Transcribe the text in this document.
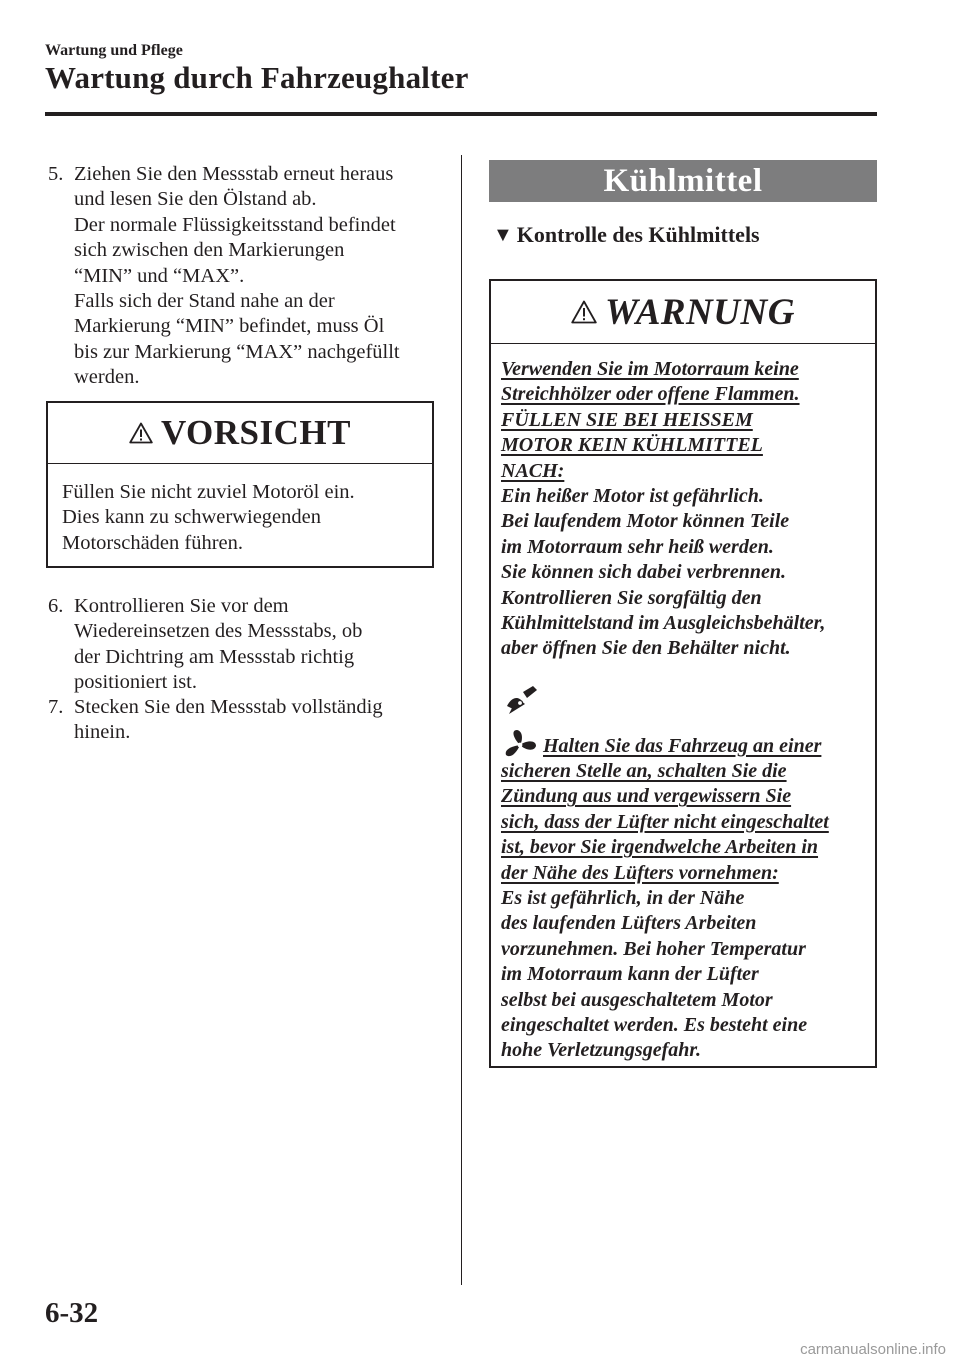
Wartung und Pflege
Wartung durch Fahrzeughalter
5. Ziehen Sie den Messstab erneut heraus
und lesen Sie den Ölstand ab.
Der normale Flüssigkeitsstand befindet
sich zwischen den Markierungen
“MIN” und “MAX”.
Falls sich der Stand nahe an der
Markierung “MIN” befindet, muss Öl
bis zur Markierung “MAX” nachgefüllt
werden.
VORSICHT
Füllen Sie nicht zuviel Motoröl ein.
Dies kann zu schwerwiegenden
Motorschäden führen.
6. Kontrollieren Sie vor dem
Wiedereinsetzen des Messstabs, ob
der Dichtring am Messstab richtig
positioniert ist.
7. Stecken Sie den Messstab vollständig
hinein.
Kühlmittel
▼ Kontrolle des Kühlmittels
WARNUNG
Verwenden Sie im Motorraum keine
Streichhölzer oder offene Flammen.
FÜLLEN SIE BEI HEISSEM
MOTOR KEIN KÜHLMITTEL
NACH:
Ein heißer Motor ist gefährlich.
Bei laufendem Motor können Teile
im Motorraum sehr heiß werden.
Sie können sich dabei verbrennen.
Kontrollieren Sie sorgfältig den
Kühlmittelstand im Ausgleichsbehälter,
aber öffnen Sie den Behälter nicht.
Halten Sie das Fahrzeug an einer
sicheren Stelle an, schalten Sie die
Zündung aus und vergewissern Sie
sich, dass der Lüfter nicht eingeschaltet
ist, bevor Sie irgendwelche Arbeiten in
der Nähe des Lüfters vornehmen:
Es ist gefährlich, in der Nähe
des laufenden Lüfters Arbeiten
vorzunehmen. Bei hoher Temperatur
im Motorraum kann der Lüfter
selbst bei ausgeschaltetem Motor
eingeschaltet werden. Es besteht eine
hohe Verletzungsgefahr.
6-32
carmanualsonline.info
